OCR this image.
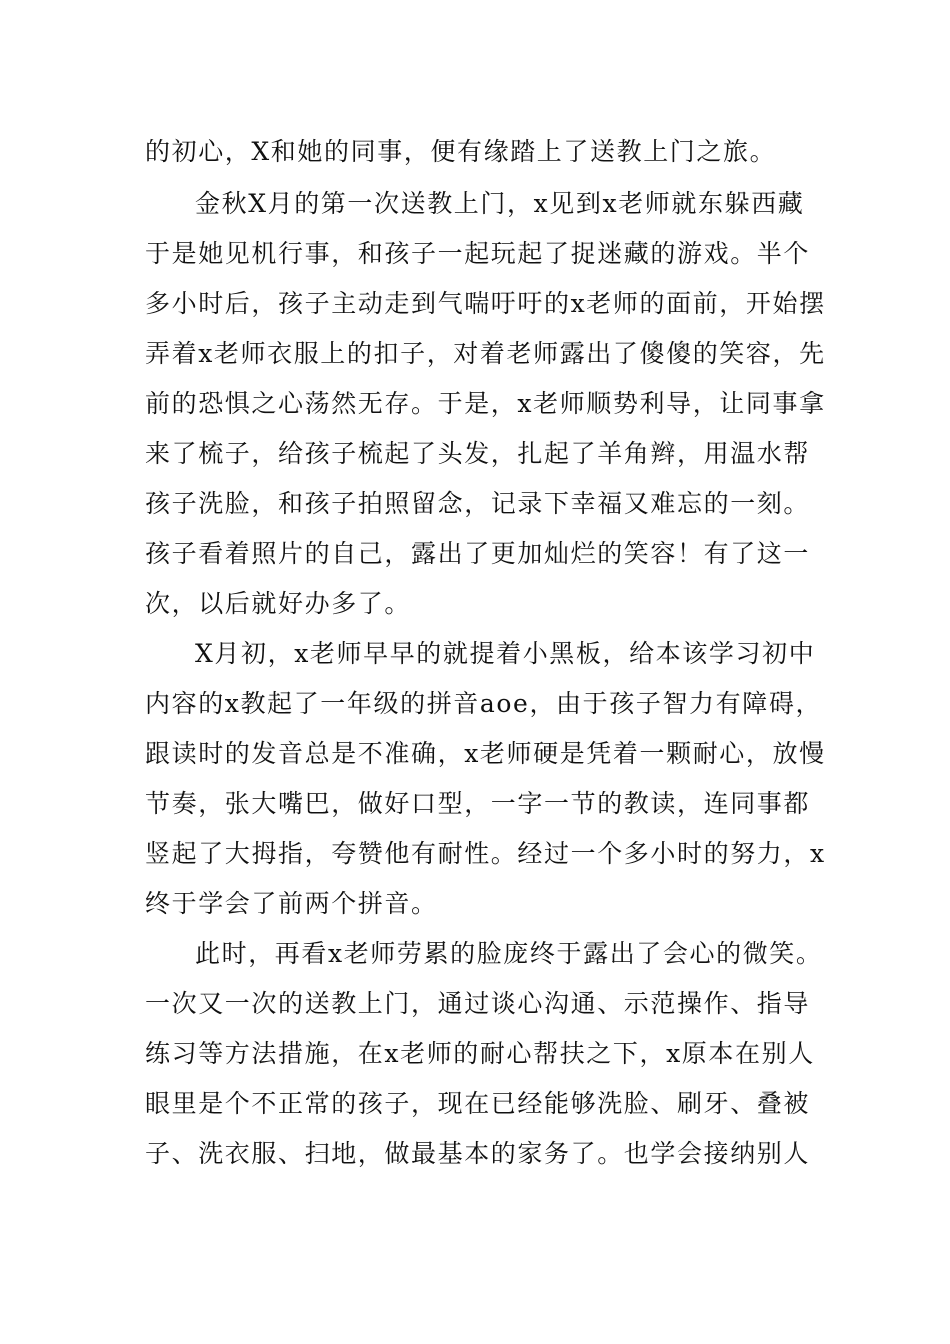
的初心，X和她的同事，便有缘踏上了送教上门之旅。
金秋X月的第一次送教上门，x见到x老师就东躲西藏
于是她见机行事，和孩子一起玩起了捉迷藏的游戏。半个
多小时后，孩子主动走到气喘吁吁的x老师的面前，开始摆
弄着x老师衣服上的扣子，对着老师露出了傻傻的笑容，先
前的恐惧之心荡然无存。于是，x老师顺势利导，让同事拿
来了梳子，给孩子梳起了头发，扎起了羊角辫，用温水帮
孩子洗脸，和孩子拍照留念，记录下幸福又难忘的一刻。
孩子看着照片的自己，露出了更加灿烂的笑容！有了这一
次，以后就好办多了。
X月初，x老师早早的就提着小黑板，给本该学习初中
内容的x教起了一年级的拼音aoe，由于孩子智力有障碍，
跟读时的发音总是不准确，x老师硬是凭着一颗耐心，放慢
节奏，张大嘴巴，做好口型，一字一节的教读，连同事都
竖起了大拇指，夸赞他有耐性。经过一个多小时的努力，x
终于学会了前两个拼音。
此时，再看x老师劳累的脸庞终于露出了会心的微笑。
一次又一次的送教上门，通过谈心沟通、示范操作、指导
练习等方法措施，在x老师的耐心帮扶之下，x原本在别人
眼里是个不正常的孩子，现在已经能够洗脸、刷牙、叠被
子、洗衣服、扫地，做最基本的家务了。也学会接纳别人
